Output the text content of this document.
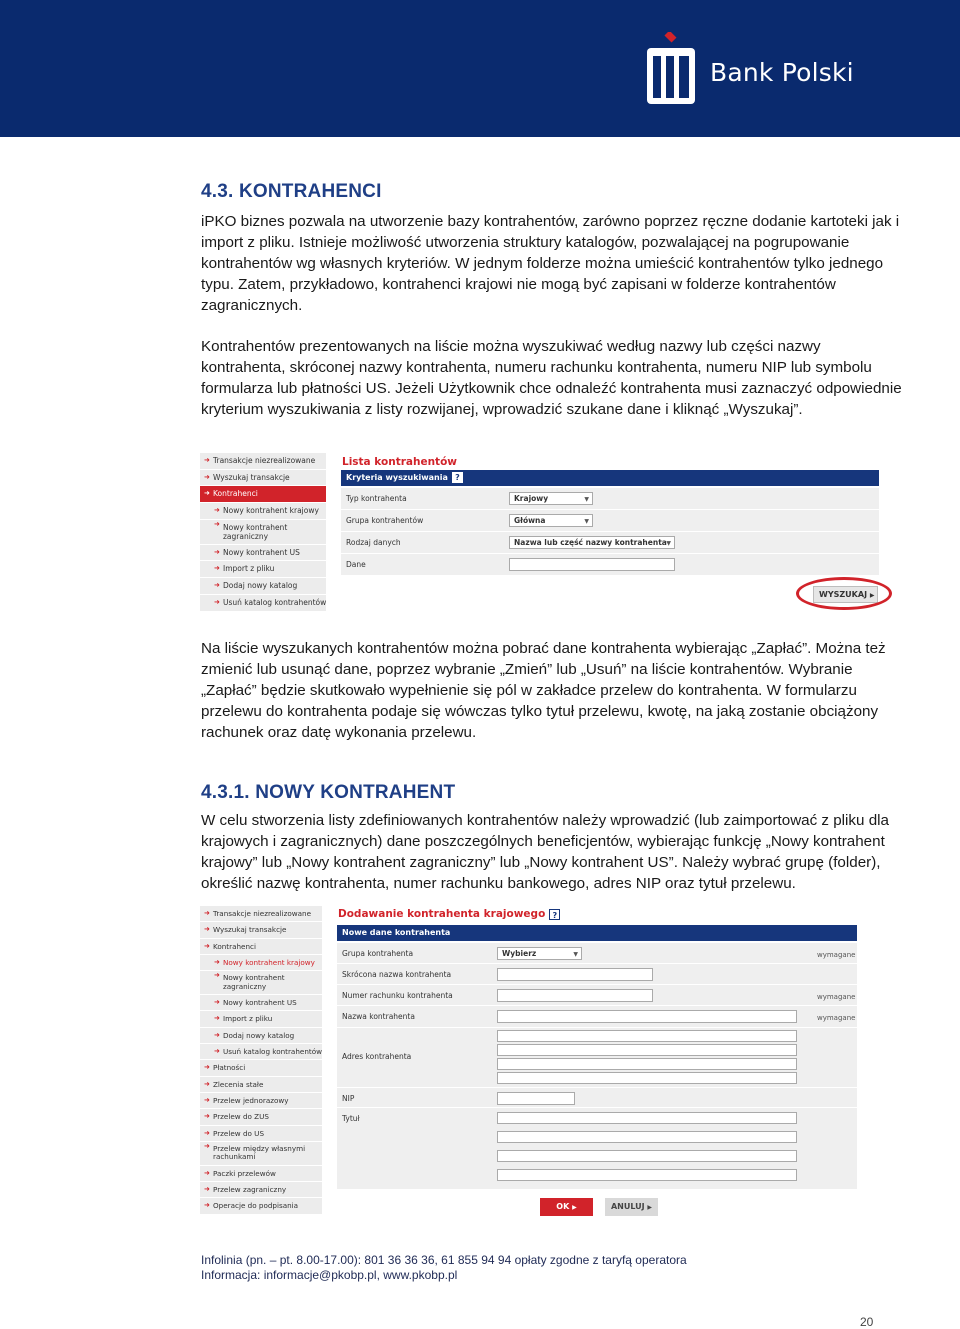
Bank Polski
4.3. KONTRAHENCI
iPKO biznes pozwala na utworzenie bazy kontrahentów, zarówno poprzez ręczne dodanie kartoteki jak i
import z pliku. Istnieje możliwość utworzenia struktury katalogów, pozwalającej na pogrupowanie
kontrahentów wg własnych kryteriów. W jednym folderze można umieścić kontrahentów tylko jednego
typu. Zatem, przykładowo, kontrahenci krajowi nie mogą być zapisani w folderze kontrahentów
zagranicznych.
Kontrahentów prezentowanych na liście można wyszukiwać według nazwy lub części nazwy
kontrahenta, skróconej nazwy kontrahenta, numeru rachunku kontrahenta, numeru NIP lub symbolu
formularza lub płatności US. Jeżeli Użytkownik chce odnaleźć kontrahenta musi zaznaczyć odpowiednie
kryterium wyszukiwania z listy rozwijanej, wprowadzić szukane dane i kliknąć „Wyszukaj”.
➜ Transakcje niezrealizowane
➜ Wyszukaj transakcje
➜ Kontrahenci
➜ Nowy kontrahent krajowy
➜ Nowy kontrahent zagraniczny
➜ Nowy kontrahent US
➜ Import z pliku
➜ Dodaj nowy katalog
➜ Usuń katalog kontrahentów
Lista kontrahentów
Kryteria wyszukiwania ?
Typ kontrahenta	Krajowy	▼
Grupa kontrahentów	Główna	▼
Rodzaj danych	Nazwa lub część nazwy kontrahenta ▼
Dane
WYSZUKAJ ▶
Na liście wyszukanych kontrahentów można pobrać dane kontrahenta wybierając „Zapłać”. Można też
zmienić lub usunąć dane, poprzez wybranie „Zmień” lub „Usuń” na liście kontrahentów. Wybranie
„Zapłać” będzie skutkowało wypełnienie się pól w zakładce przelew do kontrahenta. W formularzu
przelewu do kontrahenta podaje się wówczas tylko tytuł przelewu, kwotę, na jaką zostanie obciążony
rachunek oraz datę wykonania przelewu.
4.3.1. NOWY KONTRAHENT
W celu stworzenia listy zdefiniowanych kontrahentów należy wprowadzić (lub zaimportować z pliku dla
krajowych i zagranicznych) dane poszczególnych beneficjentów, wybierając funkcję „Nowy kontrahent
krajowy” lub „Nowy kontrahent zagraniczny” lub „Nowy kontrahent US”. Należy wybrać grupę (folder),
określić nazwę kontrahenta, numer rachunku bankowego, adres NIP oraz tytuł przelewu.
➜ Transakcje niezrealizowane
➜ Wyszukaj transakcje
➜ Kontrahenci
➜ Nowy kontrahent krajowy
➜ Nowy kontrahent zagraniczny
➜ Nowy kontrahent US
➜ Import z pliku
➜ Dodaj nowy katalog
➜ Usuń katalog kontrahentów
➜ Płatności
➜ Zlecenia stałe
➜ Przelew jednorazowy
➜ Przelew do ZUS
➜ Przelew do US
➜ Przelew między własnymi rachunkami
➜ Paczki przelewów
➜ Przelew zagraniczny
➜ Operacje do podpisania
Dodawanie kontrahenta krajowego ?
Nowe dane kontrahenta
Grupa kontrahenta	Wybierz	▼	wymagane
Skrócona nazwa kontrahenta
Numer rachunku kontrahenta	wymagane
Nazwa kontrahenta	wymagane
Adres kontrahenta
NIP
Tytuł
OK ▶	ANULUJ ▶
Infolinia (pn. – pt. 8.00-17.00): 801 36 36 36, 61 855 94 94 opłaty zgodne z taryfą operatora
Informacja: informacje@pkobp.pl, www.pkobp.pl
20
